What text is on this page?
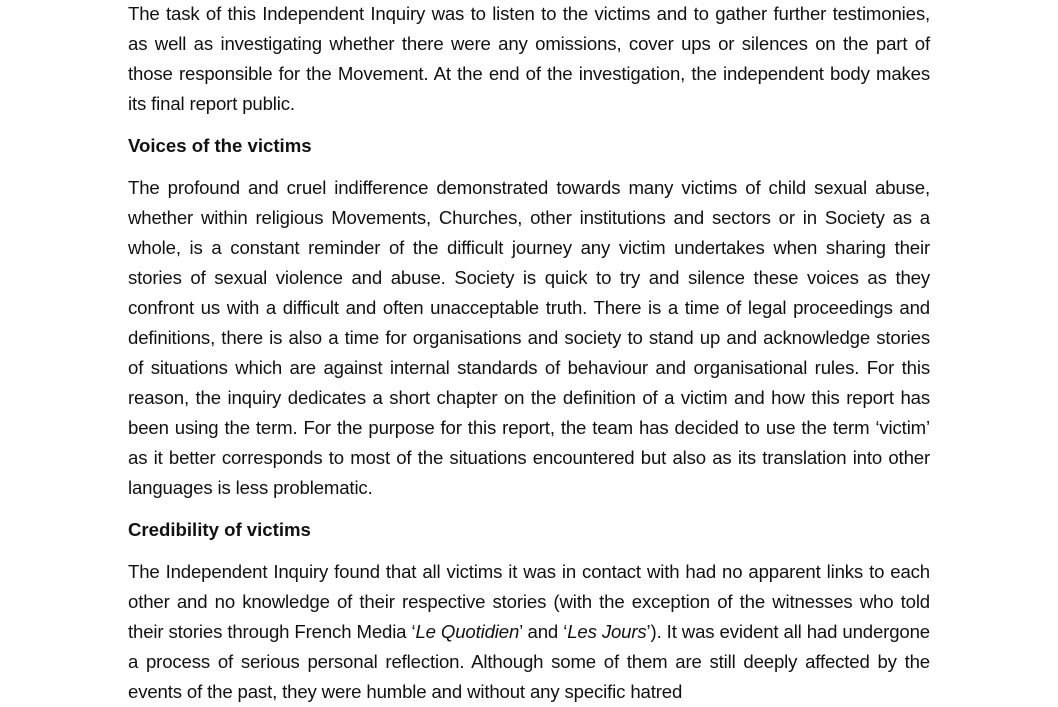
The task of this Independent Inquiry was to listen to the victims and to gather further testimonies, as well as investigating whether there were any omissions, cover ups or silences on the part of those responsible for the Movement. At the end of the investigation, the independent body makes its final report public.

Voices of the victims

The profound and cruel indifference demonstrated towards many victims of child sexual abuse, whether within religious Movements, Churches, other institutions and sectors or in Society as a whole, is a constant reminder of the difficult journey any victim undertakes when sharing their stories of sexual violence and abuse. Society is quick to try and silence these voices as they confront us with a difficult and often unacceptable truth. There is a time of legal proceedings and definitions, there is also a time for organisations and society to stand up and acknowledge stories of situations which are against internal standards of behaviour and organisational rules. For this reason, the inquiry dedicates a short chapter on the definition of a victim and how this report has been using the term. For the purpose for this report, the team has decided to use the term ‘victim’ as it better corresponds to most of the situations encountered but also as its translation into other languages is less problematic.

Credibility of victims

The Independent Inquiry found that all victims it was in contact with had no apparent links to each other and no knowledge of their respective stories (with the exception of the witnesses who told their stories through French Media ‘Le Quotidien’ and ‘Les Jours’). It was evident all had undergone a process of serious personal reflection. Although some of them are still deeply affected by the events of the past, they were humble and without any specific hatred
